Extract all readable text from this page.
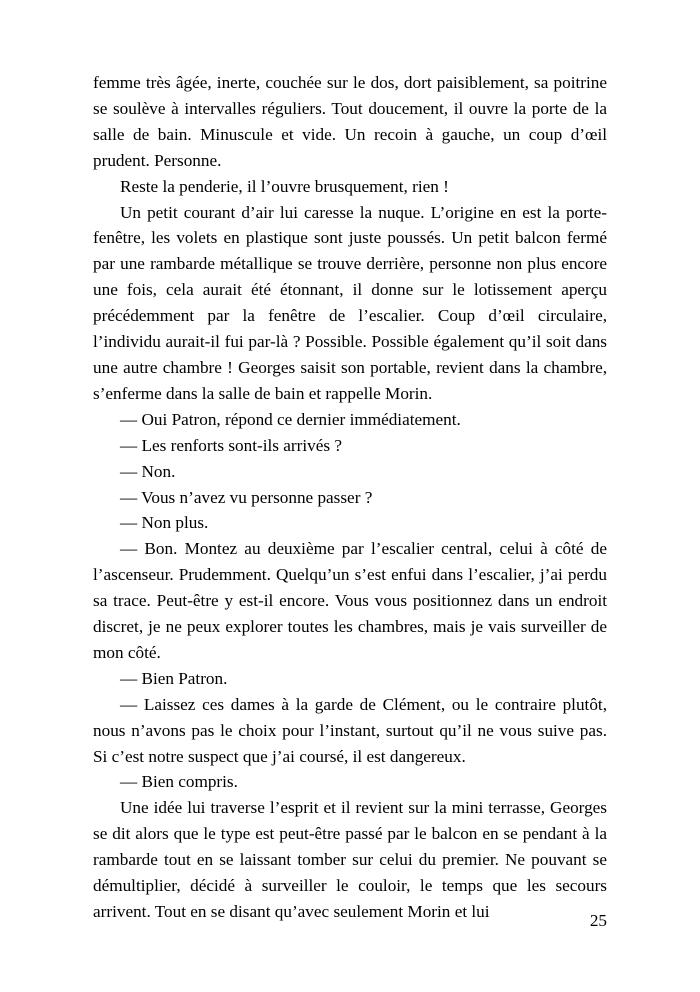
femme très âgée, inerte, couchée sur le dos, dort paisiblement, sa poitrine se soulève à intervalles réguliers. Tout doucement, il ouvre la porte de la salle de bain. Minuscule et vide. Un recoin à gauche, un coup d’œil prudent. Personne.

Reste la penderie, il l’ouvre brusquement, rien !

Un petit courant d’air lui caresse la nuque. L’origine en est la porte-fenêtre, les volets en plastique sont juste poussés. Un petit balcon fermé par une rambarde métallique se trouve derrière, personne non plus encore une fois, cela aurait été étonnant, il donne sur le lotissement aperçu précédemment par la fenêtre de l’escalier. Coup d’œil circulaire, l’individu aurait-il fui par-là ? Possible. Possible également qu’il soit dans une autre chambre ! Georges saisit son portable, revient dans la chambre, s’enferme dans la salle de bain et rappelle Morin.

— Oui Patron, répond ce dernier immédiatement.

— Les renforts sont-ils arrivés ?

— Non.

— Vous n’avez vu personne passer ?

— Non plus.

— Bon. Montez au deuxième par l’escalier central, celui à côté de l’ascenseur. Prudemment. Quelqu’un s’est enfui dans l’escalier, j’ai perdu sa trace. Peut-être y est-il encore. Vous vous positionnez dans un endroit discret, je ne peux explorer toutes les chambres, mais je vais surveiller de mon côté.

— Bien Patron.

— Laissez ces dames à la garde de Clément, ou le contraire plutôt, nous n’avons pas le choix pour l’instant, surtout qu’il ne vous suive pas. Si c’est notre suspect que j’ai coursé, il est dangereux.

— Bien compris.

Une idée lui traverse l’esprit et il revient sur la mini terrasse, Georges se dit alors que le type est peut-être passé par le balcon en se pendant à la rambarde tout en se laissant tomber sur celui du premier. Ne pouvant se démultiplier, décidé à surveiller le couloir, le temps que les secours arrivent. Tout en se disant qu’avec seulement Morin et lui	25
